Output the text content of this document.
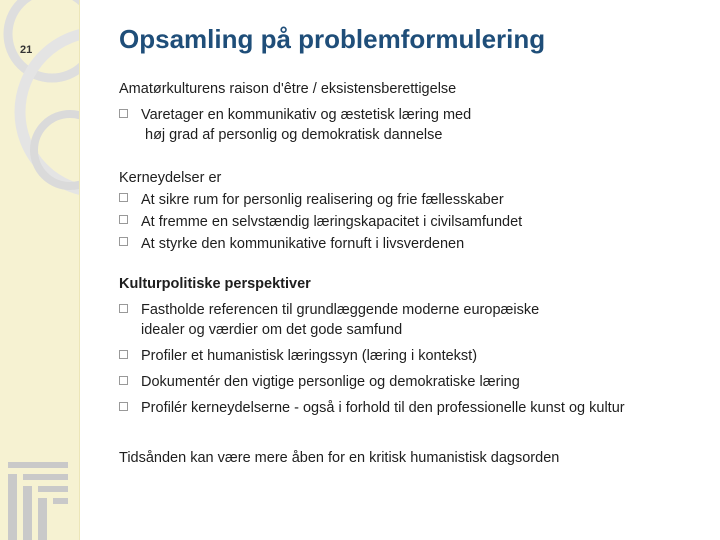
21	Opsamling på problemformulering
Amatørkulturens raison d'être / eksistensberettigelse
Varetager en kommunikativ og æstetisk læring med
høj grad af personlig og demokratisk dannelse
Kerneydelser er
At sikre rum for personlig realisering og frie fællesskaber
At fremme en selvstændig læringskapacitet i civilsamfundet
At styrke den kommunikative fornuft i livsverdenen
Kulturpolitiske perspektiver
Fastholde referencen til grundlæggende moderne europæiske
idealer og værdier om det gode samfund
Profiler et humanistisk læringssyn (læring i kontekst)
Dokumentér den vigtige personlige og demokratiske læring
Profilér kerneydelserne - også i forhold til den professionelle kunst og kultur
Tidsånden kan være mere åben for en kritisk humanistisk dagsorden
